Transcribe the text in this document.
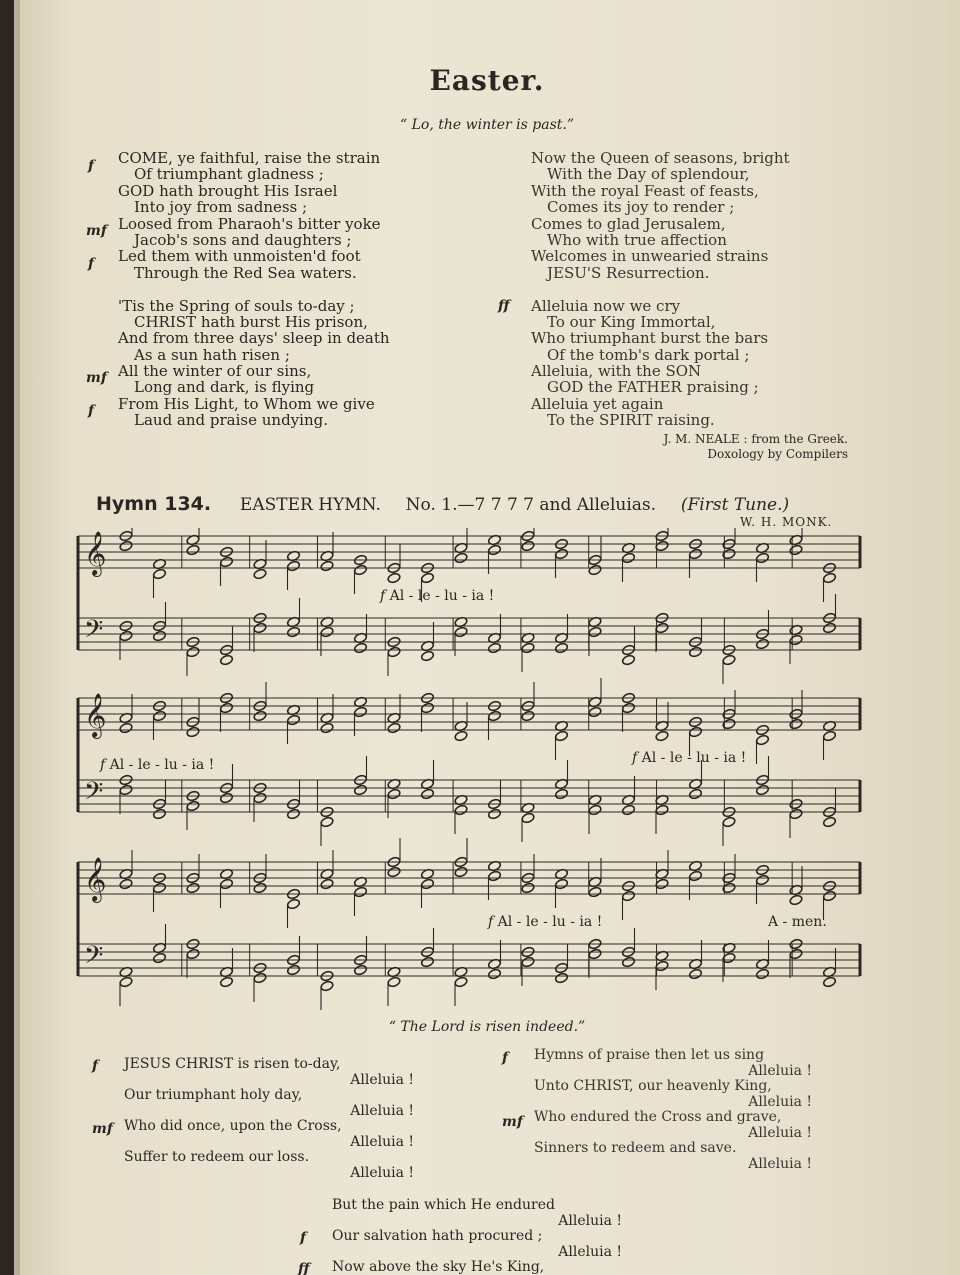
Easter.
“ Lo, the winter is past.”
COME, ye faithful, raise the strain
Of triumphant gladness ;
GOD hath brought His Israel
Into joy from sadness ;
Loosed from Pharaoh's bitter yoke
Jacob's sons and daughters ;
Led them with unmoisten'd foot
Through the Red Sea waters.
'Tis the Spring of souls to-day ;
CHRIST hath burst His prison,
And from three days' sleep in death
As a sun hath risen ;
All the winter of our sins,
Long and dark, is flying
From His Light, to Whom we give
Laud and praise undying.
f
mf
f
mf
f
Now the Queen of seasons, bright
With the Day of splendour,
With the royal Feast of feasts,
Comes its joy to render ;
Comes to glad Jerusalem,
Who with true affection
Welcomes in unwearied strains
JESU'S Resurrection.
Alleluia now we cry
To our King Immortal,
Who triumphant burst the bars
Of the tomb's dark portal ;
Alleluia, with the SON
GOD the FATHER praising ;
Alleluia yet again
To the SPIRIT raising.
ff
J. M. NEALE : from the Greek.
Doxology by Compilers
Hymn 134. EASTER HYMN. No. 1.—7 7 7 7 and Alleluias. (First Tune.)
W. H. MONK.
𝄞
𝄢
𝄞
𝄢
𝄞
𝄢
f Al - le - lu - ia !
f Al - le - lu - ia !	f Al - le - lu - ia !
f Al - le - lu - ia !	A - men.
“ The Lord is risen indeed.”
JESUS CHRIST is risen to-day,
Alleluia !
Our triumphant holy day,
Alleluia !
Who did once, upon the Cross,
Alleluia !
Suffer to redeem our loss.
Alleluia !
f
mf
Hymns of praise then let us sing
Alleluia !
Unto CHRIST, our heavenly King,
Alleluia !
Who endured the Cross and grave,
Alleluia !
Sinners to redeem and save.
Alleluia !
f
mf
But the pain which He endured
Alleluia !
Our salvation hath procured ;
Alleluia !
Now above the sky He's King,
f
ff
